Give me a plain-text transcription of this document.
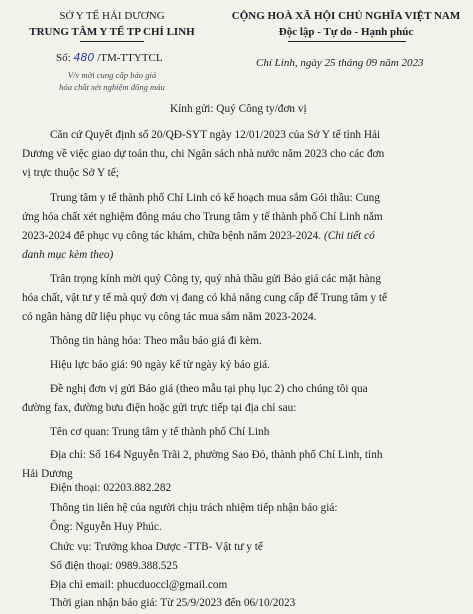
SỞ Y TẾ HẢI DƯƠNG
TRUNG TÂM Y TẾ TP CHÍ LINH
CỘNG HOÀ XÃ HỘI CHỦ NGHĨA VIỆT NAM
Độc lập - Tự do - Hạnh phúc
Số: 480 /TM-TTYTCL
V/v mời cung cấp báo giá
hóa chất xét nghiệm đông máu
Chí Linh, ngày 25 tháng 09 năm 2023
Kính gửi: Quý Công ty/đơn vị
Căn cứ Quyết định số 20/QĐ-SYT ngày 12/01/2023 của Sở Y tế tỉnh Hải
Dương về việc giao dự toán thu, chi Ngân sách nhà nước năm 2023 cho các đơn
vị trực thuộc Sở Y tế;
Trung tâm y tế thành phố Chí Linh có kế hoạch mua sắm Gói thầu: Cung
ứng hóa chất xét nghiệm đông máu cho Trung tâm y tế thành phố Chí Linh năm
2023-2024 để phục vụ công tác khám, chữa bệnh năm 2023-2024. (Chi tiết có
danh mục kèm theo)
Trân trọng kính mời quý Công ty, quý nhà thầu gửi Báo giá các mặt hàng
hóa chất, vật tư y tế mà quý đơn vị đang có khả năng cung cấp để Trung tâm y tế
có ngân hàng dữ liệu phục vụ công tác mua sắm năm 2023-2024.
Thông tin hàng hóa: Theo mẫu báo giá đi kèm.
Hiệu lực báo giá: 90 ngày kể từ ngày ký báo giá.
Đề nghị đơn vị gửi Báo giá (theo mẫu tại phụ lục 2) cho chúng tôi qua
đường fax, đường bưu điện hoặc gửi trực tiếp tại địa chỉ sau:
Tên cơ quan: Trung tâm y tế thành phố Chí Linh
Địa chỉ: Số 164 Nguyễn Trãi 2, phường Sao Đỏ, thành phố Chí Linh, tỉnh
Hải Dương
Điện thoại: 02203.882.282
Thông tin liên hệ của người chịu trách nhiệm tiếp nhận báo giá:
Ông: Nguyễn Huy Phúc.
Chức vụ: Trưởng khoa Dược -TTB- Vật tư y tế
Số điện thoại: 0989.388.525
Địa chỉ email: phucduoccl@gmail.com
Thời gian nhận báo giá: Từ 25/9/2023 đến 06/10/2023
